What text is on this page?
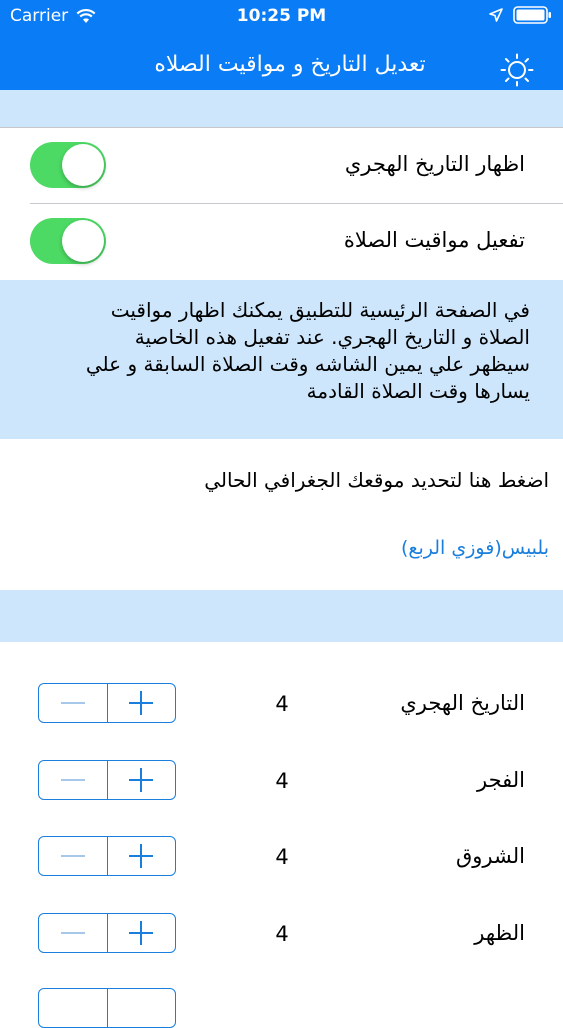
Carrier	10:25 PM
تعديل التاريخ و مواقيت الصلاه
اظهار التاريخ الهجري
تفعيل مواقيت الصلاة
في الصفحة الرئيسية للتطبيق يمكنك اظهار مواقيت
الصلاة و التاريخ الهجري. عند تفعيل هذه الخاصية
سيظهر علي يمين الشاشه وقت الصلاة السابقة و علي
يسارها وقت الصلاة القادمة
اضغط هنا لتحديد موقعك الجغرافي الحالي
بلبيس(فوزي الربع)
4	التاريخ الهجري
4	الفجر
4	الشروق
4	الظهر
